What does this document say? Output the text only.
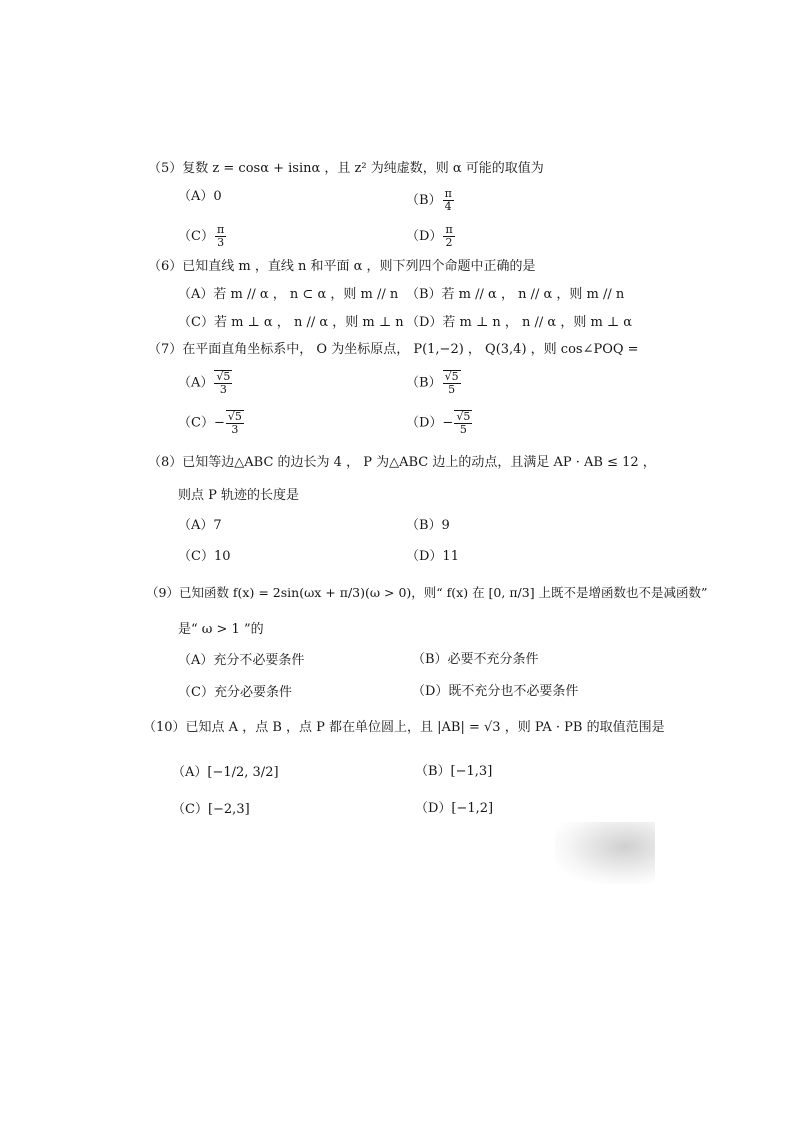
（5）复数 z = cosα + isinα ，且 z² 为纯虚数，则 α 可能的取值为
（A）0	$(B) \frac{\pi}{4}$
$(C) \frac{\pi}{3}$	$(D) \frac{\pi}{2}$
（6）已知直线 m ，直线 n 和平面 α ，则下列四个命题中正确的是
（A）若 m // α ， n ⊂ α ，则 m // n （B）若 m // α ， n // α ，则 m // n
（C）若 m ⊥ α ， n // α ，则 m ⊥ n （D）若 m ⊥ n ， n // α ，则 m ⊥ α
（7）在平面直角坐标系中， O 为坐标原点， P(1,−2) ， Q(3,4) ，则 cos∠POQ =
$(A) \frac{√5}{3}$	$(B) \frac{√5}{5}$
$(C)- \frac{√5}{3}$	$(D)- \frac{√5}{5}$
（8）已知等边△ABC 的边长为 4 ， P 为△ABC 边上的动点，且满足 AP · AB ≤ 12 ，
则点 P 轨迹的长度是
（A）7	（B）9
（C）10	（D）11
（9）已知函数 f(x) = 2sin(ωx + π/3)(ω > 0)，则“ f(x) 在 [0, π/3] 上既不是增函数也不是减函数”
是“ ω > 1 ”的
（A）充分不必要条件	（B）必要不充分条件
（C）充分必要条件	（D）既不充分也不必要条件
（10）已知点 A ，点 B ，点 P 都在单位圆上，且 |AB| = √3 ，则 PA · PB 的取值范围是
（A）[−1/2, 3/2]	（B）[−1,3]
（C）[−2,3]	（D）[−1,2]
